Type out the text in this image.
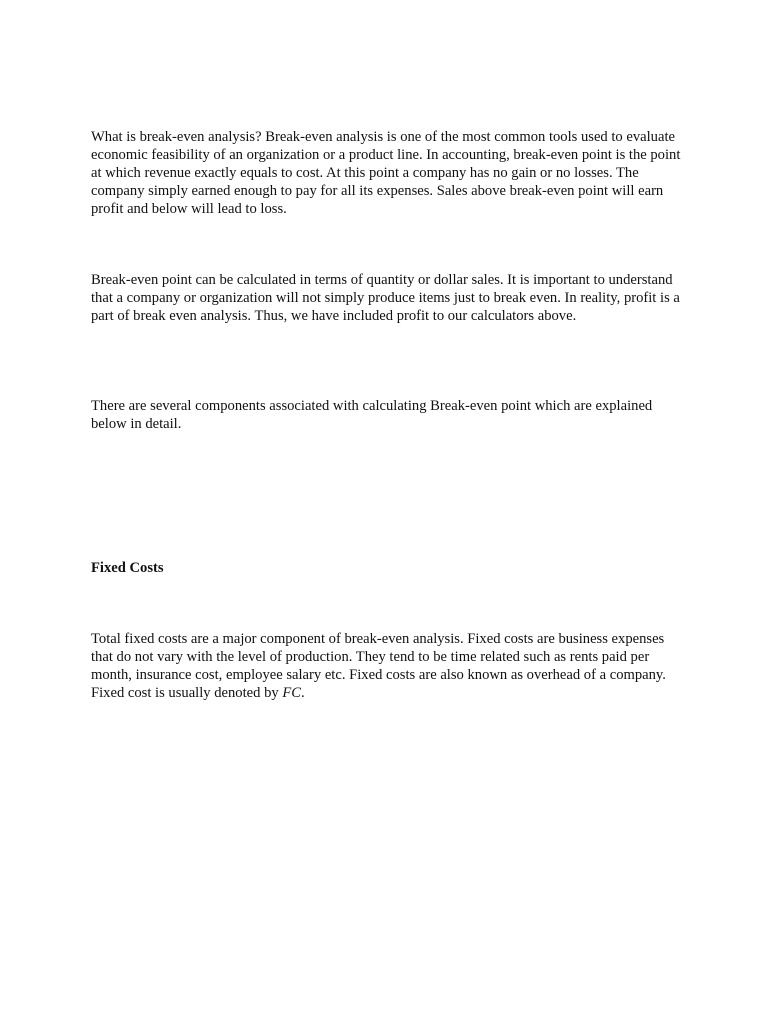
What is break-even analysis? Break-even analysis is one of the most common tools used to evaluate economic feasibility of an organization or a product line. In accounting, break-even point is the point at which revenue exactly equals to cost. At this point a company has no gain or no losses. The company simply earned enough to pay for all its expenses. Sales above break-even point will earn profit and below will lead to loss.

Break-even point can be calculated in terms of quantity or dollar sales. It is important to understand that a company or organization will not simply produce items just to break even. In reality, profit is a part of break even analysis. Thus, we have included profit to our calculators above.

There are several components associated with calculating Break-even point which are explained below in detail.

Fixed Costs

Total fixed costs are a major component of break-even analysis. Fixed costs are business expenses that do not vary with the level of production. They tend to be time related such as rents paid per month, insurance cost, employee salary etc. Fixed costs are also known as overhead of a company. Fixed cost is usually denoted by FC.
